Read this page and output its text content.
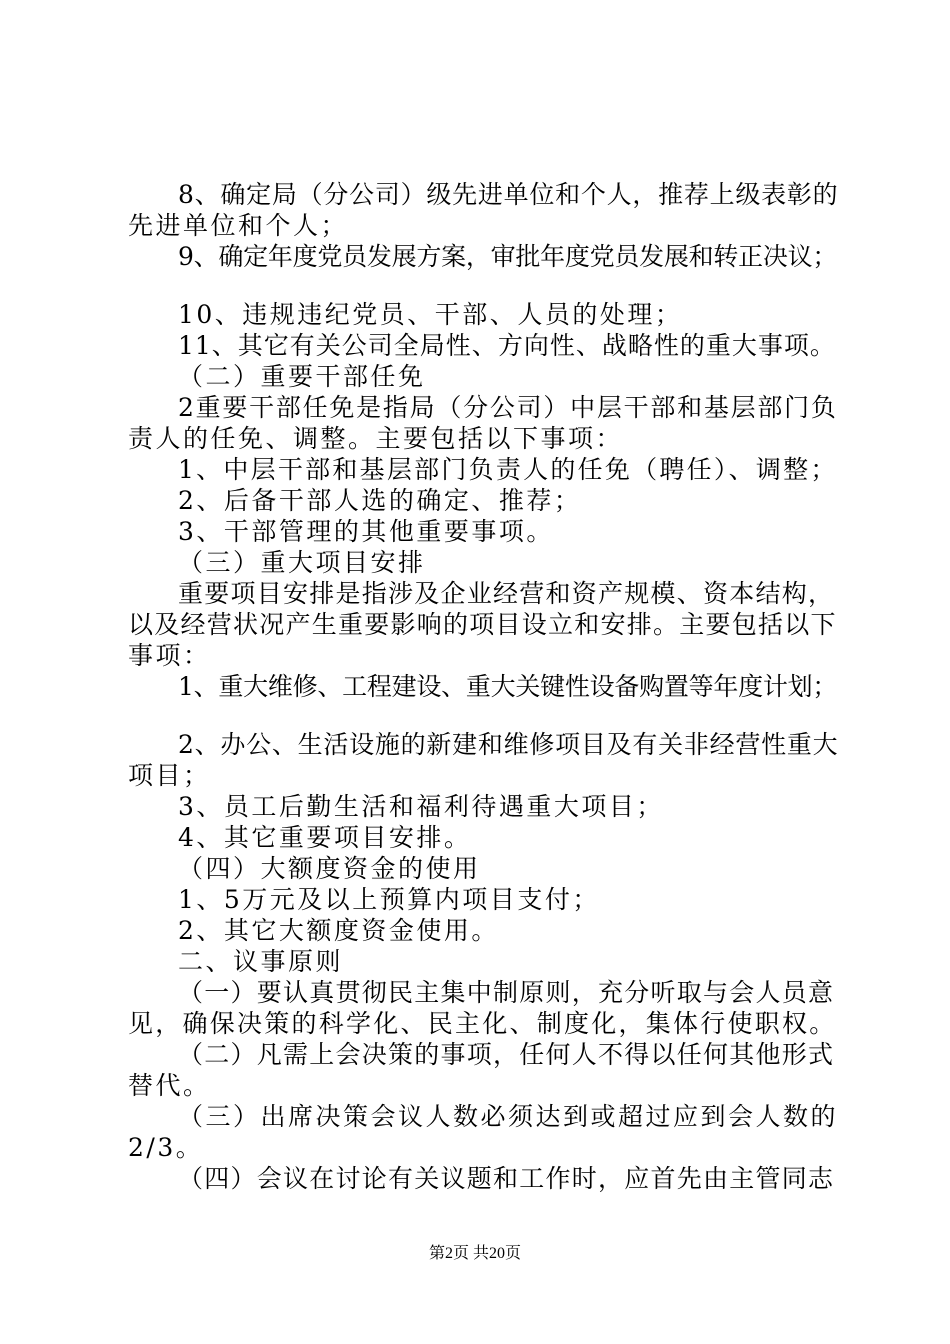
8、确定局（分公司）级先进单位和个人，推荐上级表彰的
先进单位和个人；
9、确定年度党员发展方案，审批年度党员发展和转正决议；
10、违规违纪党员、干部、人员的处理；
11、其它有关公司全局性、方向性、战略性的重大事项。
（二）重要干部任免
2重要干部任免是指局（分公司）中层干部和基层部门负
责人的任免、调整。主要包括以下事项：
1、中层干部和基层部门负责人的任免（聘任）、调整；
2、后备干部人选的确定、推荐；
3、干部管理的其他重要事项。
（三）重大项目安排
重要项目安排是指涉及企业经营和资产规模、资本结构，
以及经营状况产生重要影响的项目设立和安排。主要包括以下
事项：
1、重大维修、工程建设、重大关键性设备购置等年度计划；
2、办公、生活设施的新建和维修项目及有关非经营性重大
项目；
3、员工后勤生活和福利待遇重大项目；
4、其它重要项目安排。
（四）大额度资金的使用
1、5万元及以上预算内项目支付；
2、其它大额度资金使用。
二、议事原则
（一）要认真贯彻民主集中制原则，充分听取与会人员意
见，确保决策的科学化、民主化、制度化，集体行使职权。
（二）凡需上会决策的事项，任何人不得以任何其他形式
替代。
（三）出席决策会议人数必须达到或超过应到会人数的
2/3。
（四）会议在讨论有关议题和工作时，应首先由主管同志
第2页 共20页
